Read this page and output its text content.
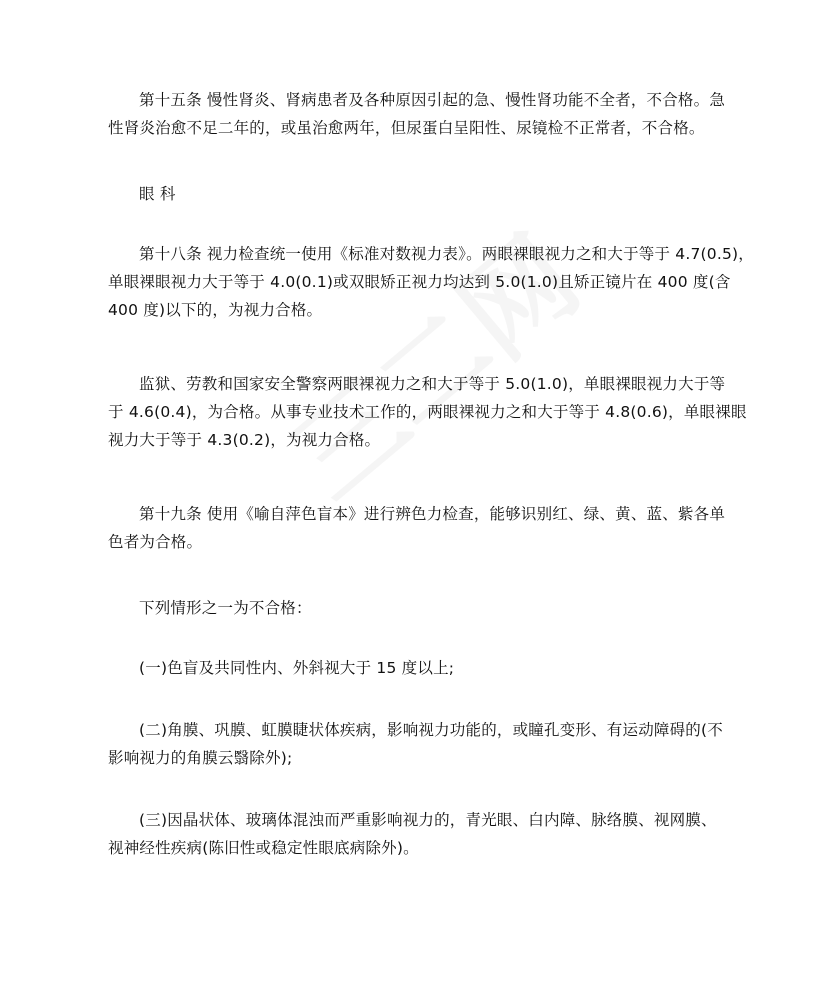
第十五条 慢性肾炎、肾病患者及各种原因引起的急、慢性肾功能不全者，不合格。急
性肾炎治愈不足二年的，或虽治愈两年，但尿蛋白呈阳性、尿镜检不正常者，不合格。

眼 科

第十八条 视力检查统一使用《标准对数视力表》。两眼裸眼视力之和大于等于 4.7(0.5)，
单眼裸眼视力大于等于 4.0(0.1)或双眼矫正视力均达到 5.0(1.0)且矫正镜片在 400 度(含
400 度)以下的，为视力合格。

监狱、劳教和国家安全警察两眼裸视力之和大于等于 5.0(1.0)，单眼裸眼视力大于等
于 4.6(0.4)，为合格。从事专业技术工作的，两眼裸视力之和大于等于 4.8(0.6)，单眼裸眼
视力大于等于 4.3(0.2)，为视力合格。

第十九条 使用《喻自萍色盲本》进行辨色力检查，能够识别红、绿、黄、蓝、紫各单
色者为合格。

下列情形之一为不合格：

(一)色盲及共同性内、外斜视大于 15 度以上;

(二)角膜、巩膜、虹膜睫状体疾病，影响视力功能的，或瞳孔变形、有运动障碍的(不
影响视力的角膜云翳除外);

(三)因晶状体、玻璃体混浊而严重影响视力的，青光眼、白内障、脉络膜、视网膜、
视神经性疾病(陈旧性或稳定性眼底病除外)。
